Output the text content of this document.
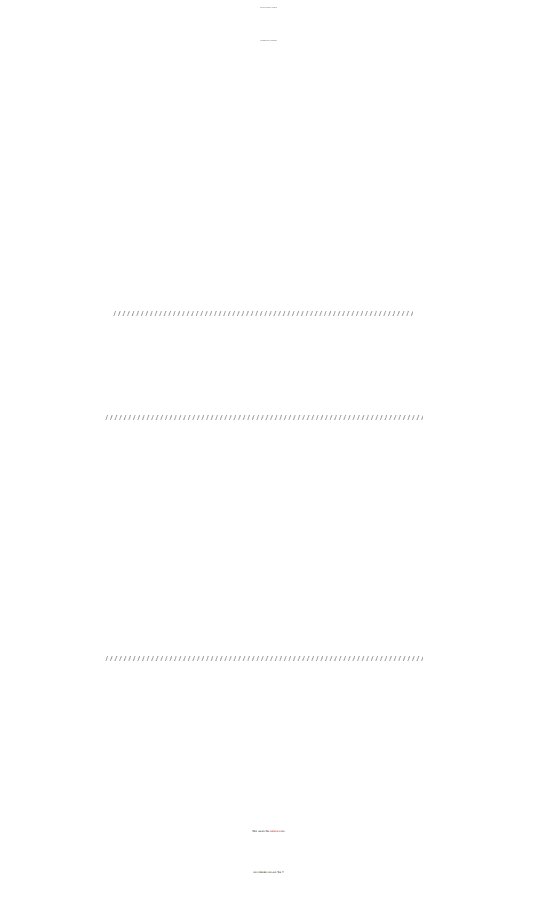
Veranstaltungen & Angebote
September und Oktober 2025
Wir laden Sie herzlich ein
und freuen uns auf Sie !!
